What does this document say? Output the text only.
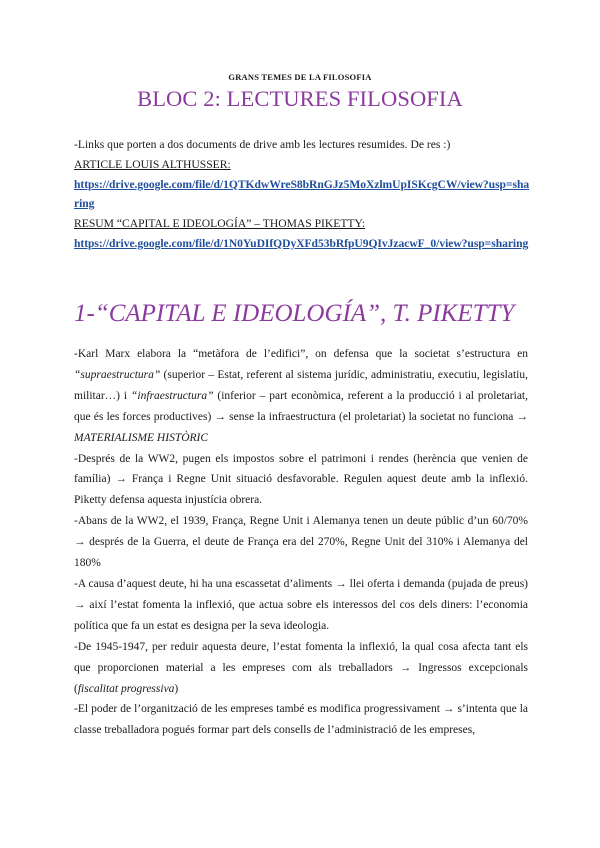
GRANS TEMES DE LA FILOSOFIA
BLOC 2: LECTURES FILOSOFIA

-Links que porten a dos documents de drive amb les lectures resumides. De res :)

ARTICLE LOUIS ALTHUSSER:

https://drive.google.com/file/d/1QTKdwWreS8bRnGJz5MoXzlmUpISKcgCW/view?usp=sharing

RESUM “CAPITAL E IDEOLOGÍA” – THOMAS PIKETTY:

https://drive.google.com/file/d/1N0YuDIfQDyXFd53bRfpU9QIvJzacwF_0/view?usp=sharing
1-“CAPITAL E IDEOLOGÍA”, T. PIKETTY

-Karl Marx elabora la “metàfora de l’edifici”, on defensa que la societat s’estructura en “supraestructura” (superior – Estat, referent al sistema jurídic, administratiu, executiu, legislatiu, militar…) i “infraestructura” (inferior – part econòmica, referent a la producció i al proletariat, que és les forces productives) → sense la infraestructura (el proletariat) la societat no funciona → MATERIALISME HISTÒRIC

-Després de la WW2, pugen els impostos sobre el patrimoni i rendes (herència que venien de família) → França i Regne Unit situació desfavorable. Regulen aquest deute amb la inflexió. Piketty defensa aquesta injustícia obrera.

-Abans de la WW2, el 1939, França, Regne Unit i Alemanya tenen un deute públic d’un 60/70% → després de la Guerra, el deute de França era del 270%, Regne Unit del 310% i Alemanya del 180%

-A causa d’aquest deute, hi ha una escassetat d’aliments → llei oferta i demanda (pujada de preus) → així l’estat fomenta la inflexió, que actua sobre els interessos del cos dels diners: l’economia política que fa un estat es designa per la seva ideologia.

-De 1945-1947, per reduir aquesta deure, l’estat fomenta la inflexió, la qual cosa afecta tant els que proporcionen material a les empreses com als treballadors → Ingressos excepcionals (fiscalitat progressiva)

-El poder de l’organització de les empreses també es modifica progressivament → s’intenta que la classe treballadora pogués formar part dels consells de l’administració de les empreses,
